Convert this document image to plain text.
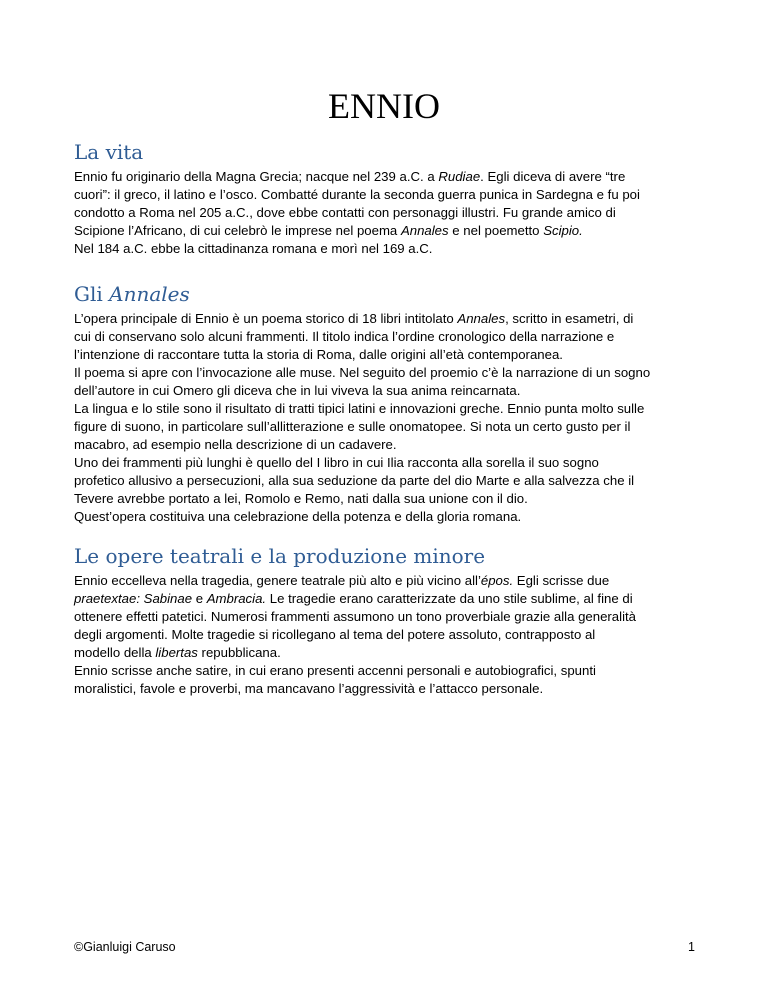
ENNIO
La vita

Ennio fu originario della Magna Grecia; nacque nel 239 a.C. a Rudiae. Egli diceva di avere “tre
cuori”: il greco, il latino e l’osco. Combatté durante la seconda guerra punica in Sardegna e fu poi
condotto a Roma nel 205 a.C., dove ebbe contatti con personaggi illustri. Fu grande amico di
Scipione l’Africano, di cui celebrò le imprese nel poema Annales e nel poemetto Scipio.
Nel 184 a.C. ebbe la cittadinanza romana e morì nel 169 a.C.

Gli Annales

L’opera principale di Ennio è un poema storico di 18 libri intitolato Annales, scritto in esametri, di
cui di conservano solo alcuni frammenti. Il titolo indica l’ordine cronologico della narrazione e
l’intenzione di raccontare tutta la storia di Roma, dalle origini all’età contemporanea.
Il poema si apre con l’invocazione alle muse. Nel seguito del proemio c’è la narrazione di un sogno
dell’autore in cui Omero gli diceva che in lui viveva la sua anima reincarnata.
La lingua e lo stile sono il risultato di tratti tipici latini e innovazioni greche. Ennio punta molto sulle
figure di suono, in particolare sull’allitterazione e sulle onomatopee. Si nota un certo gusto per il
macabro, ad esempio nella descrizione di un cadavere.
Uno dei frammenti più lunghi è quello del I libro in cui Ilia racconta alla sorella il suo sogno
profetico allusivo a persecuzioni, alla sua seduzione da parte del dio Marte e alla salvezza che il
Tevere avrebbe portato a lei, Romolo e Remo, nati dalla sua unione con il dio.
Quest’opera costituiva una celebrazione della potenza e della gloria romana.

Le opere teatrali e la produzione minore

Ennio eccelleva nella tragedia, genere teatrale più alto e più vicino all’épos. Egli scrisse due
praetextae: Sabinae e Ambracia. Le tragedie erano caratterizzate da uno stile sublime, al fine di
ottenere effetti patetici. Numerosi frammenti assumono un tono proverbiale grazie alla generalità
degli argomenti. Molte tragedie si ricollegano al tema del potere assoluto, contrapposto al
modello della libertas repubblicana.
Ennio scrisse anche satire, in cui erano presenti accenni personali e autobiografici, spunti
moralistici, favole e proverbi, ma mancavano l’aggressività e l’attacco personale.

©Gianluigi Caruso	1
